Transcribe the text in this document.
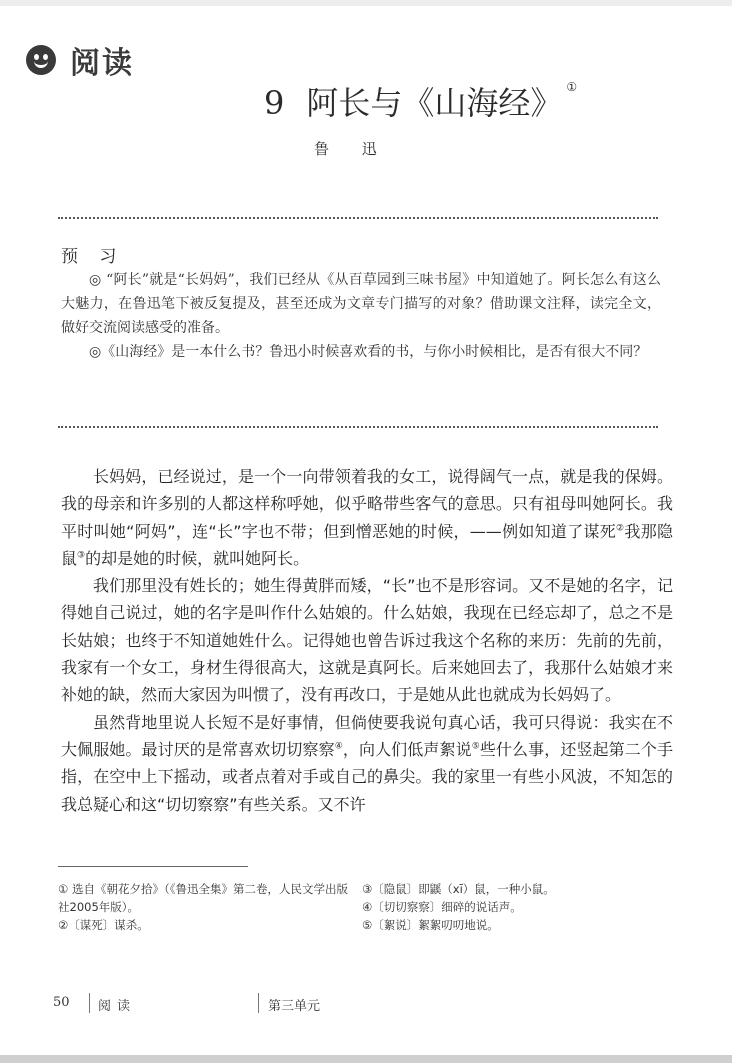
阅读
9 阿长与《山海经》 ①
鲁 迅
预 习

◎ “阿长”就是“长妈妈”，我们已经从《从百草园到三味书屋》中知道她了。阿长怎么有这么大魅力，在鲁迅笔下被反复提及，甚至还成为文章专门描写的对象？借助课文注释，读完全文，做好交流阅读感受的准备。

◎《山海经》是一本什么书？鲁迅小时候喜欢看的书，与你小时候相比，是否有很大不同？

长妈妈，已经说过，是一个一向带领着我的女工，说得阔气一点，就是我的保姆。我的母亲和许多别的人都这样称呼她，似乎略带些客气的意思。只有祖母叫她阿长。我平时叫她“阿妈”，连“长”字也不带；但到憎恶她的时候，——例如知道了谋死②我那隐鼠③的却是她的时候，就叫她阿长。

我们那里没有姓长的；她生得黄胖而矮，“长”也不是形容词。又不是她的名字，记得她自己说过，她的名字是叫作什么姑娘的。什么姑娘，我现在已经忘却了，总之不是长姑娘；也终于不知道她姓什么。记得她也曾告诉过我这个名称的来历：先前的先前，我家有一个女工，身材生得很高大，这就是真阿长。后来她回去了，我那什么姑娘才来补她的缺，然而大家因为叫惯了，没有再改口，于是她从此也就成为长妈妈了。

虽然背地里说人长短不是好事情，但倘使要我说句真心话，我可只得说：我实在不大佩服她。最讨厌的是常喜欢切切察察④，向人们低声絮说⑤些什么事，还竖起第二个手指，在空中上下摇动，或者点着对手或自己的鼻尖。我的家里一有些小风波，不知怎的我总疑心和这“切切察察”有些关系。又不许

① 选自《朝花夕拾》（《鲁迅全集》第二卷，人民文学出版社2005年版）。
②〔谋死〕谋杀。
③〔隐鼠〕即鼷（xī）鼠，一种小鼠。
④〔切切察察〕细碎的说话声。
⑤〔絮说〕絮絮叨叨地说。
50 阅读	第三单元
